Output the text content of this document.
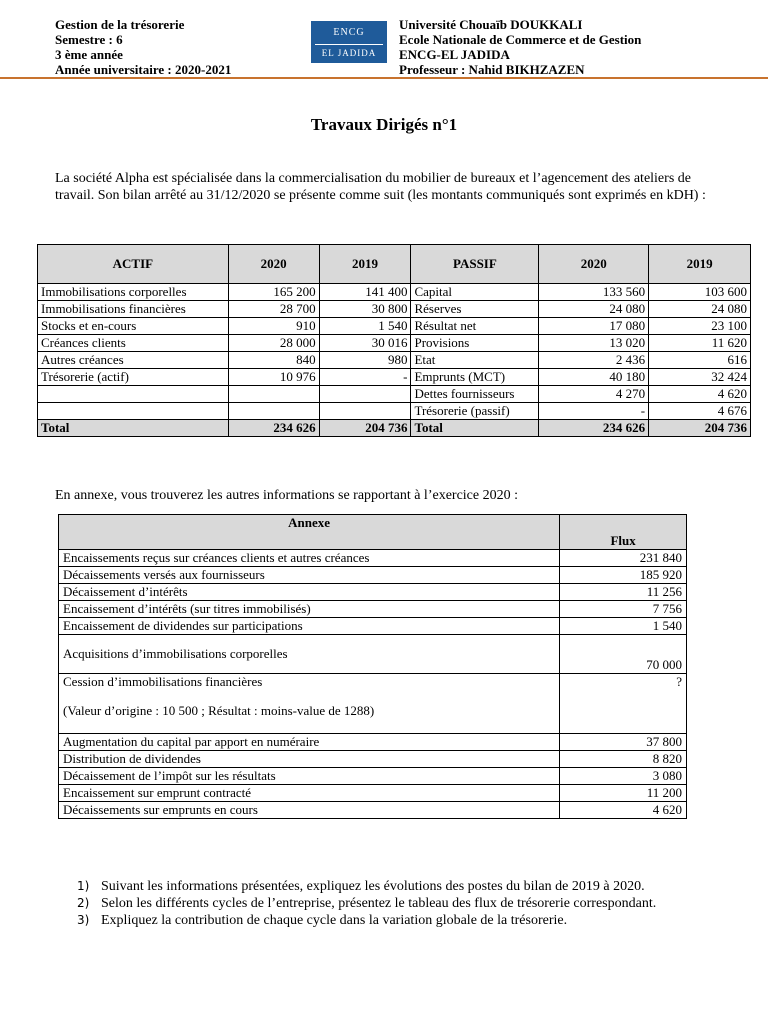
Gestion de la trésorerie
Semestre : 6
3 ème année
Année universitaire : 2020-2021
ENCG
EL JADIDA
Université Chouaïb DOUKKALI
Ecole Nationale de Commerce et de Gestion
ENCG-EL JADIDA
Professeur : Nahid BIKHZAZEN
Travaux Dirigés n°1
La société Alpha est spécialisée dans la commercialisation du mobilier de bureaux et l’agencement des ateliers de travail. Son bilan arrêté au 31/12/2020 se présente comme suit (les montants communiqués sont exprimés en kDH) :
ACTIF	2020	2019	PASSIF	2020	2019
Immobilisations corporelles	165 200	141 400	Capital	133 560	103 600
Immobilisations financières	28 700	30 800	Réserves	24 080	24 080
Stocks et en-cours	910	1 540	Résultat net	17 080	23 100
Créances clients	28 000	30 016	Provisions	13 020	11 620
Autres créances	840	980	Etat	2 436	616
Trésorerie (actif)	10 976	-	Emprunts (MCT)	40 180	32 424
			Dettes fournisseurs	4 270	4 620
			Trésorerie (passif)	-	4 676
Total	234 626	204 736	Total	234 626	204 736
En annexe, vous trouverez les autres informations se rapportant à l’exercice 2020 :
Annexe	Flux
Encaissements reçus sur créances clients et autres créances	231 840
Décaissements versés aux fournisseurs	185 920
Décaissement d’intérêts	11 256
Encaissement d’intérêts (sur titres immobilisés)	7 756
Encaissement de dividendes sur participations	1 540
Acquisitions d’immobilisations corporelles	70 000

Cession d’immobilisations financières
(Valeur d’origine : 10 500 ; Résultat : moins-value de 1288)	?
Augmentation du capital par apport en numéraire	37 800
Distribution de dividendes	8 820
Décaissement de l’impôt sur les résultats	3 080
Encaissement sur emprunt contracté	11 200
Décaissements sur emprunts en cours	4 620
1) Suivant les informations présentées, expliquez les évolutions des postes du bilan de 2019 à 2020.
2) Selon les différents cycles de l’entreprise, présentez le tableau des flux de trésorerie correspondant.
3) Expliquez la contribution de chaque cycle dans la variation globale de la trésorerie.
